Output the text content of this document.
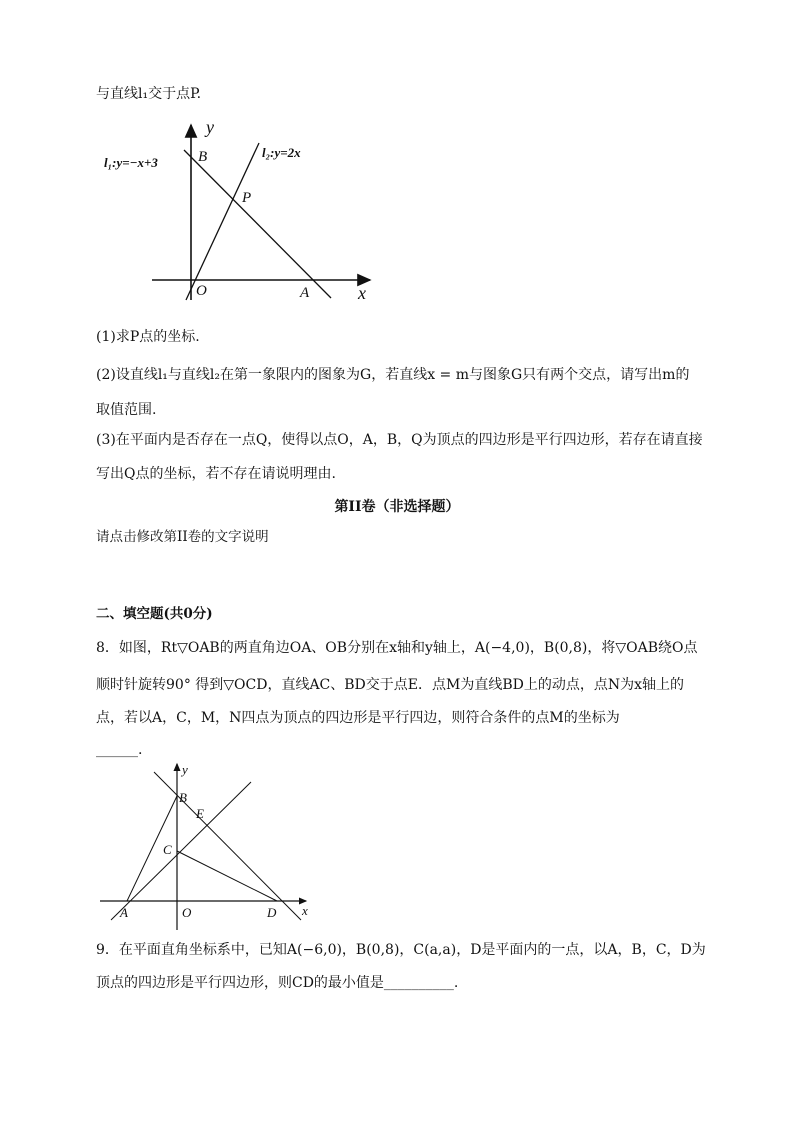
与直线l₁交于点P.
y
x
O
B
A
P
l₁:y=−x+3
l₂:y=2x
(1)求P点的坐标.
(2)设直线l₁与直线l₂在第一象限内的图象为G，若直线x = m与图象G只有两个交点，请写出m的
取值范围.
(3)在平面内是否存在一点Q，使得以点O，A，B，Q为顶点的四边形是平行四边形，若存在请直接
写出Q点的坐标，若不存在请说明理由.
第II卷（非选择题）
请点击修改第II卷的文字说明
二、填空题(共0分)
8．如图，Rt▽OAB的两直角边OA、OB分别在x轴和y轴上，A(−4,0)，B(0,8)，将▽OAB绕O点
顺时针旋转90° 得到▽OCD，直线AC、BD交于点E．点M为直线BD上的动点，点N为x轴上的
点，若以A，C，M，N四点为顶点的四边形是平行四边，则符合条件的点M的坐标为
______.
y
x
O
A
B
C
D
E
9．在平面直角坐标系中，已知A(−6,0)，B(0,8)，C(a,a)，D是平面内的一点，以A，B，C，D为
顶点的四边形是平行四边形，则CD的最小值是__________.
